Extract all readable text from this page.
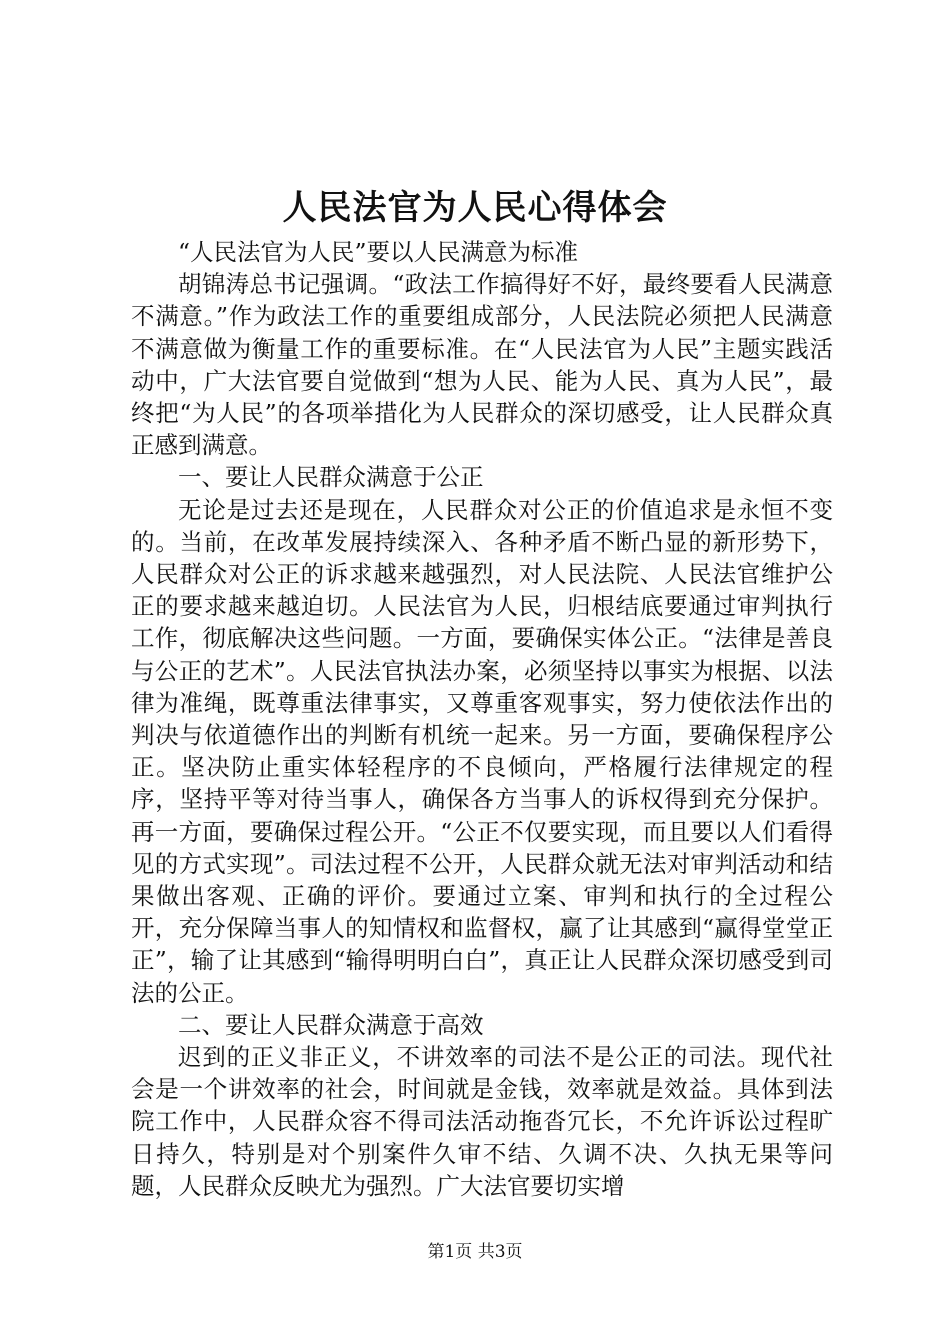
人民法官为人民心得体会

“人民法官为人民”要以人民满意为标准

胡锦涛总书记强调。“政法工作搞得好不好，最终要看人民满意不满意。”作为政法工作的重要组成部分，人民法院必须把人民满意不满意做为衡量工作的重要标准。在“人民法官为人民”主题实践活动中，广大法官要自觉做到“想为人民、能为人民、真为人民”，最终把“为人民”的各项举措化为人民群众的深切感受，让人民群众真正感到满意。

一、要让人民群众满意于公正

无论是过去还是现在，人民群众对公正的价值追求是永恒不变的。当前，在改革发展持续深入、各种矛盾不断凸显的新形势下，人民群众对公正的诉求越来越强烈，对人民法院、人民法官维护公正的要求越来越迫切。人民法官为人民，归根结底要通过审判执行工作，彻底解决这些问题。一方面，要确保实体公正。“法律是善良与公正的艺术”。人民法官执法办案，必须坚持以事实为根据、以法律为准绳，既尊重法律事实，又尊重客观事实，努力使依法作出的判决与依道德作出的判断有机统一起来。另一方面，要确保程序公正。坚决防止重实体轻程序的不良倾向，严格履行法律规定的程序，坚持平等对待当事人，确保各方当事人的诉权得到充分保护。再一方面，要确保过程公开。“公正不仅要实现，而且要以人们看得见的方式实现”。司法过程不公开，人民群众就无法对审判活动和结果做出客观、正确的评价。要通过立案、审判和执行的全过程公开，充分保障当事人的知情权和监督权，赢了让其感到“赢得堂堂正正”，输了让其感到“输得明明白白”，真正让人民群众深切感受到司法的公正。

二、要让人民群众满意于高效

迟到的正义非正义，不讲效率的司法不是公正的司法。现代社会是一个讲效率的社会，时间就是金钱，效率就是效益。具体到法院工作中，人民群众容不得司法活动拖沓冗长，不允许诉讼过程旷日持久，特别是对个别案件久审不结、久调不决、久执无果等问题，人民群众反映尤为强烈。广大法官要切实增

第1页 共3页
